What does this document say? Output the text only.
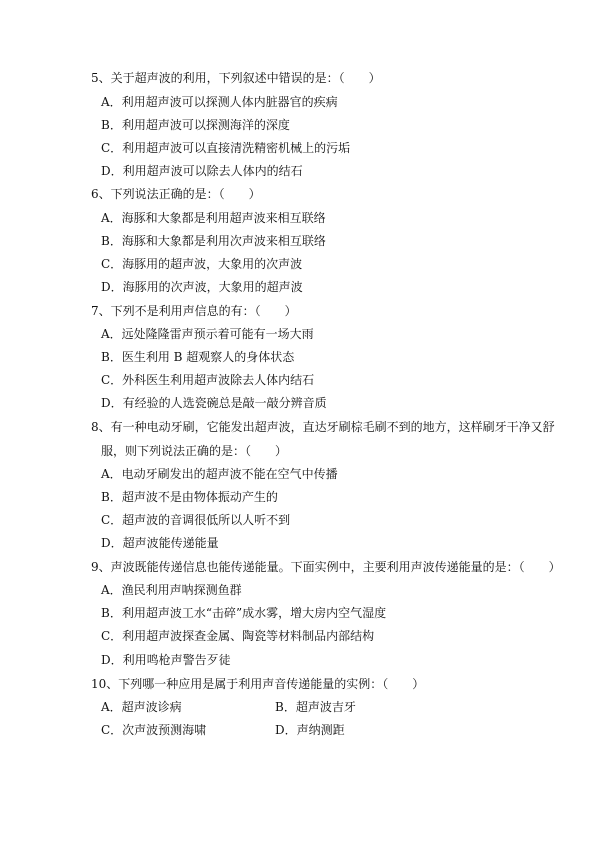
5、关于超声波的利用，下列叙述中错误的是：（　　）
A．利用超声波可以探测人体内脏器官的疾病
B．利用超声波可以探测海洋的深度
C．利用超声波可以直接清洗精密机械上的污垢
D．利用超声波可以除去人体内的结石
6、下列说法正确的是：（　　）
A．海豚和大象都是利用超声波来相互联络
B．海豚和大象都是利用次声波来相互联络
C．海豚用的超声波，大象用的次声波
D．海豚用的次声波，大象用的超声波
7、下列不是利用声信息的有：（　　）
A．远处隆隆雷声预示着可能有一场大雨
B．医生利用 B 超观察人的身体状态
C．外科医生利用超声波除去人体内结石
D．有经验的人选瓷碗总是敲一敲分辨音质
8、有一种电动牙刷，它能发出超声波，直达牙刷棕毛刷不到的地方，这样刷牙干净又舒
服，则下列说法正确的是：（　　）
A．电动牙刷发出的超声波不能在空气中传播
B．超声波不是由物体振动产生的
C．超声波的音调很低所以人听不到
D．超声波能传递能量
9、声波既能传递信息也能传递能量。下面实例中，主要利用声波传递能量的是：（　　）
A．渔民利用声呐探测鱼群
B．利用超声波工水“击碎”成水雾，增大房内空气湿度
C．利用超声波探查金属、陶瓷等材料制品内部结构
D．利用鸣枪声警告歹徒
10、下列哪一种应用是属于利用声音传递能量的实例：（　　）
A．超声波诊病	B．超声波吉牙
C．次声波预测海啸	D．声纳测距
